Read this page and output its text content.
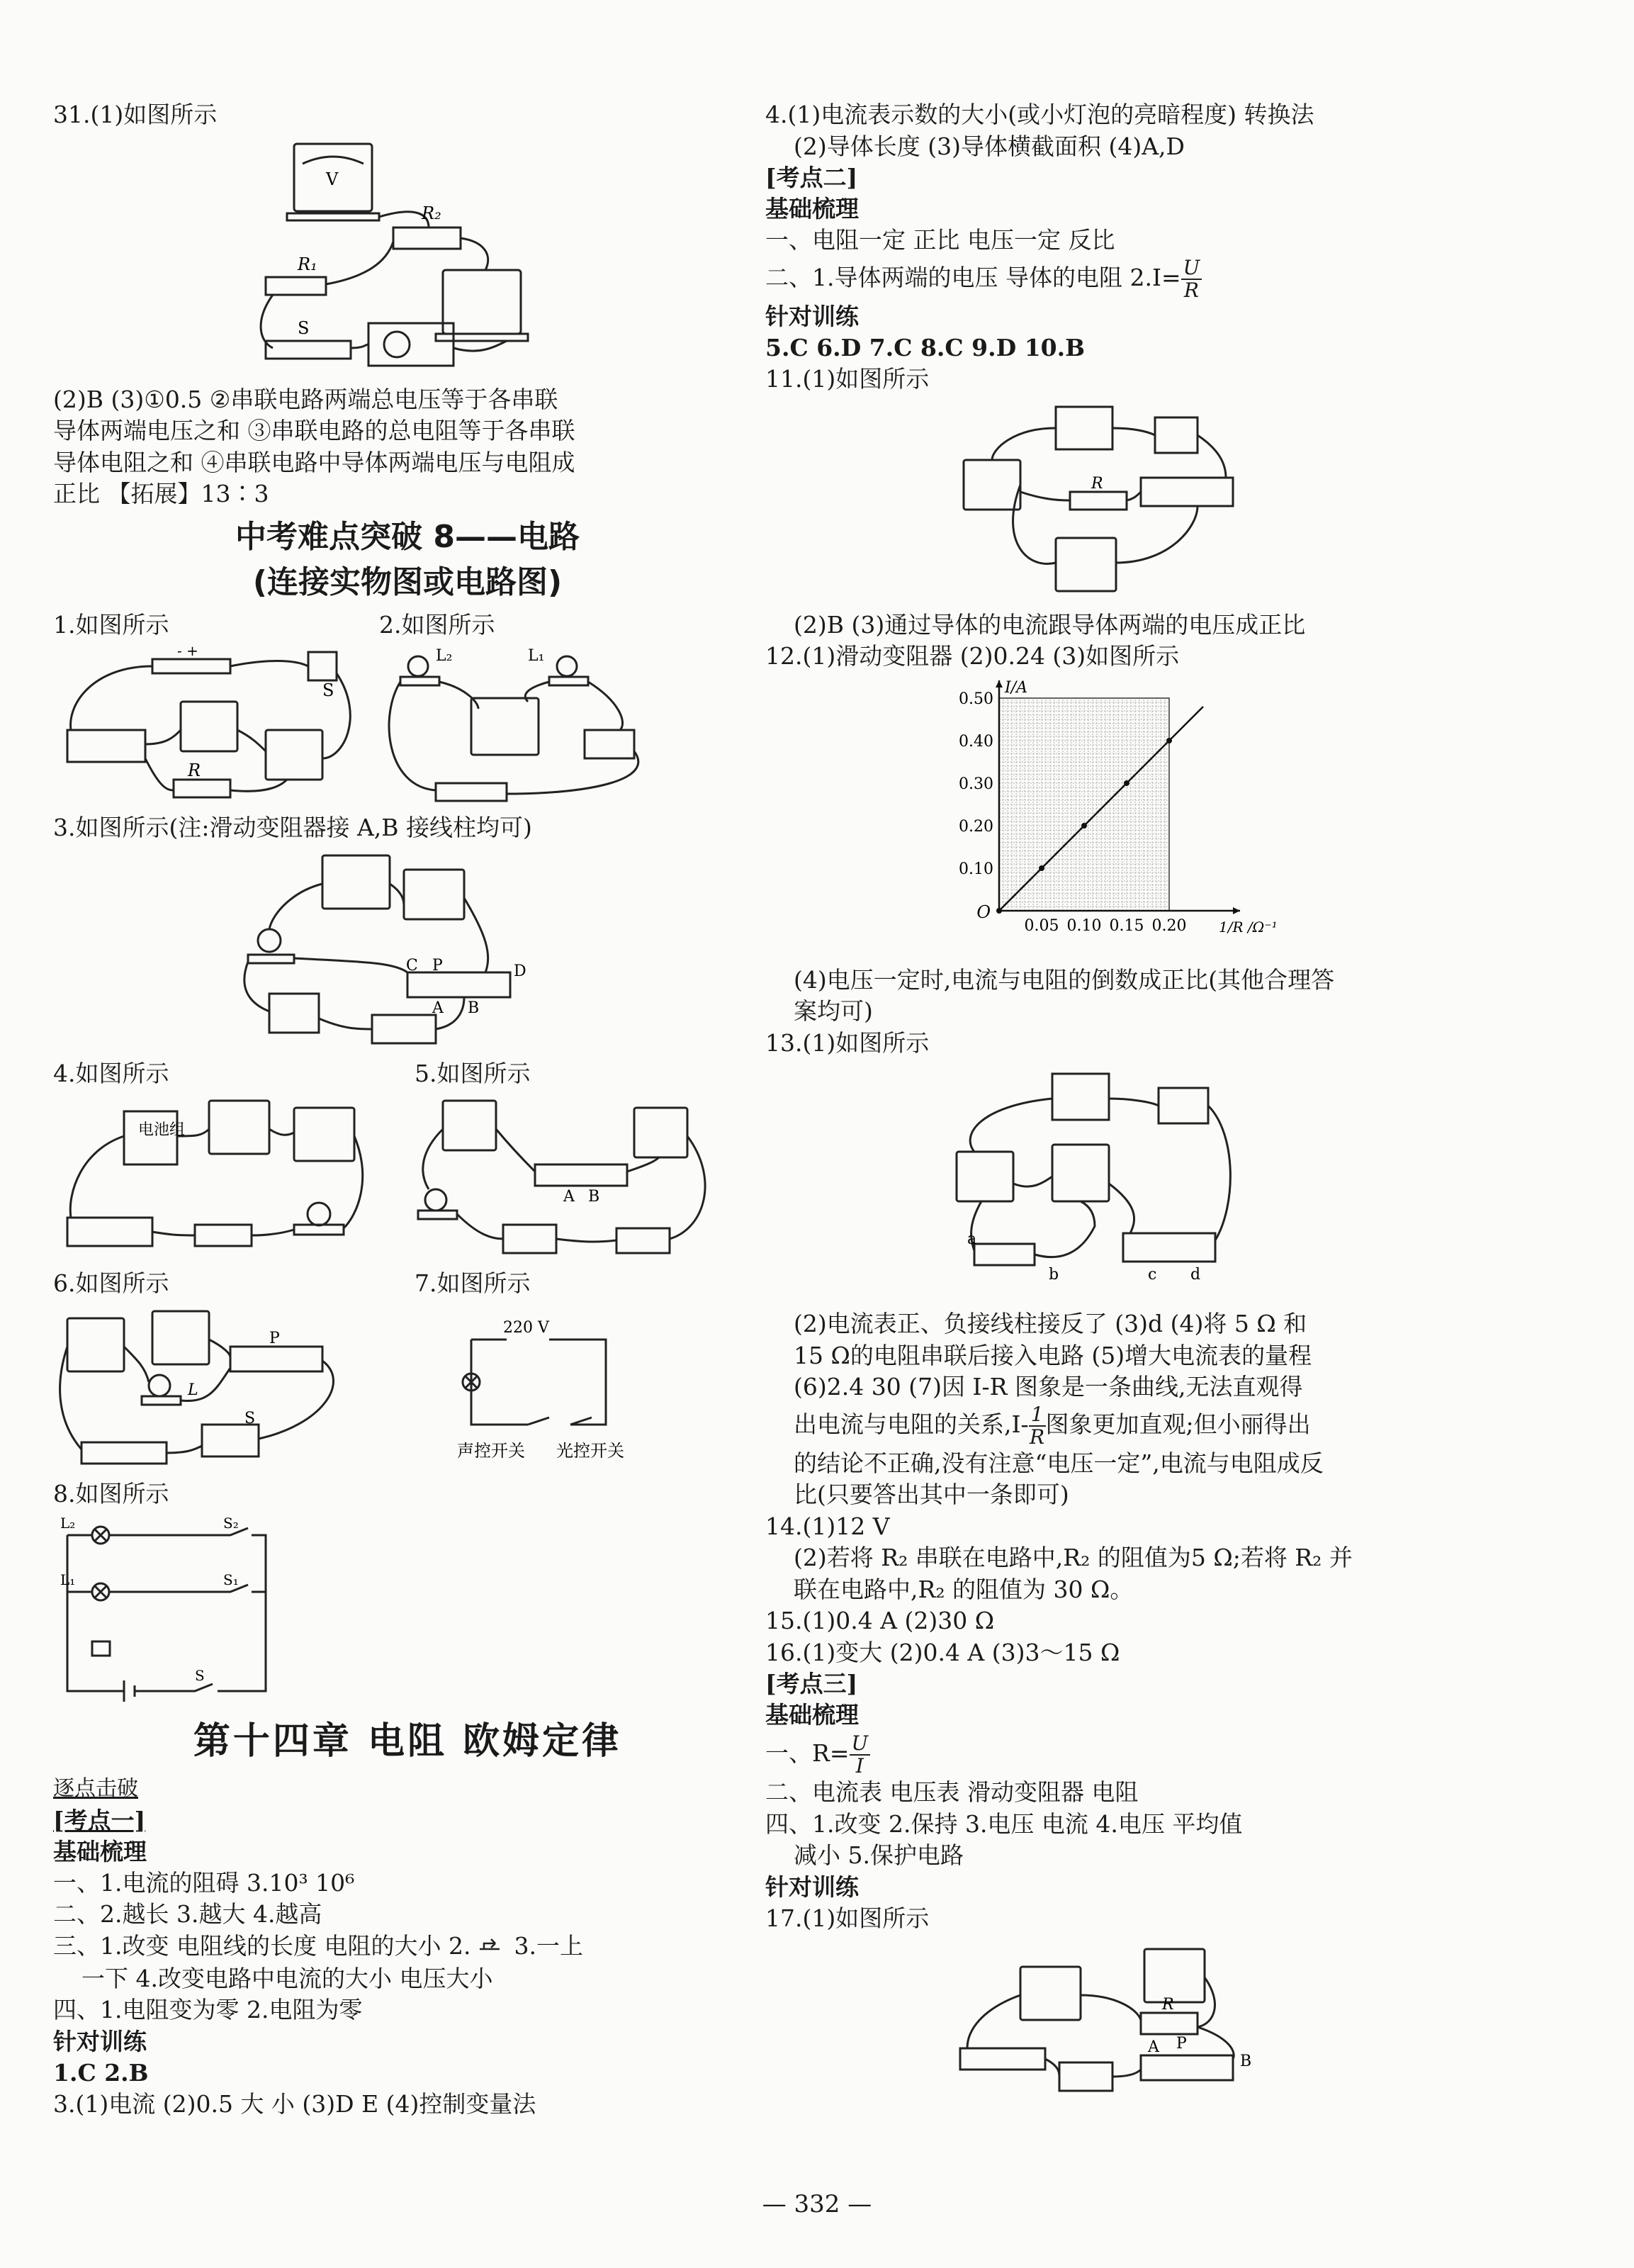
31.(1)如图所示
V
R₂
R₁
S
(2)B (3)①0.5 ②串联电路两端总电压等于各串联
导体两端电压之和 ③串联电路的总电阻等于各串联
导体电阻之和 ④串联电路中导体两端电压与电阻成
正比 【拓展】13∶3
中考难点突破 8——电路
(连接实物图或电路图)
1.如图所示
- +
S
R
2.如图所示
L₂	L₁
3.如图所示(注:滑动变阻器接 A,B 接线柱均可)
C P	D
A B
4.如图所示
电池组
5.如图所示
A B
6.如图所示
L
P
S
7.如图所示
220 V
声控开关 光控开关
8.如图所示
L₂	S₂
L₁	S₁
S
第十四章 电阻 欧姆定律
逐点击破
[考点一]
基础梳理
一、1.电流的阻碍 3.10³ 10⁶
二、2.越长 3.越大 4.越高
三、1.改变 电阻线的长度 电阻的大小 2. 3.一上
一下 4.改变电路中电流的大小 电压大小
四、1.电阻变为零 2.电阻为零
针对训练
1.C 2.B
3.(1)电流 (2)0.5 大 小 (3)D E (4)控制变量法
4.(1)电流表示数的大小(或小灯泡的亮暗程度) 转换法
(2)导体长度 (3)导体横截面积 (4)A,D
[考点二]
基础梳理
一、电阻一定 正比 电压一定 反比
二、1.导体两端的电压 导体的电阻 $2.I= \frac{U}{R}$
针对训练
5.C 6.D 7.C 8.C 9.D 10.B
11.(1)如图所示
R
(2)B (3)通过导体的电流跟导体两端的电压成正比
12.(1)滑动变阻器 (2)0.24 (3)如图所示
0.10
0.20
0.30
0.40
0.50
0.05 0.10 0.15 0.20
O
I/A
1/R /Ω⁻¹
(4)电压一定时,电流与电阻的倒数成正比(其他合理答
案均可)
13.(1)如图所示
a
b	c d
(2)电流表正、负接线柱接反了 (3)d (4)将 5 Ω 和
15 Ω的电阻串联后接入电路 (5)增大电流表的量程
(6)2.4 30 (7)因 I-R 图象是一条曲线,无法直观得
出电流与电阻的关系$,I- \frac{1}{R}$ 图象更加直观;但小丽得出
的结论不正确,没有注意“电压一定”,电流与电阻成反
比(只要答出其中一条即可)
14.(1)12 V
(2)若将 R₂ 串联在电路中,R₂ 的阻值为5 Ω;若将 R₂ 并
联在电路中,R₂ 的阻值为 30 Ω。
15.(1)0.4 A (2)30 Ω
16.(1)变大 (2)0.4 A (3)3～15 Ω
[考点三]
基础梳理
一、$R= \frac{U}{I}$
二、电流表 电压表 滑动变阻器 电阻
四、1.改变 2.保持 3.电压 电流 4.电压 平均值
减小 5.保护电路
针对训练
17.(1)如图所示
R
A P
B
— 332 —
